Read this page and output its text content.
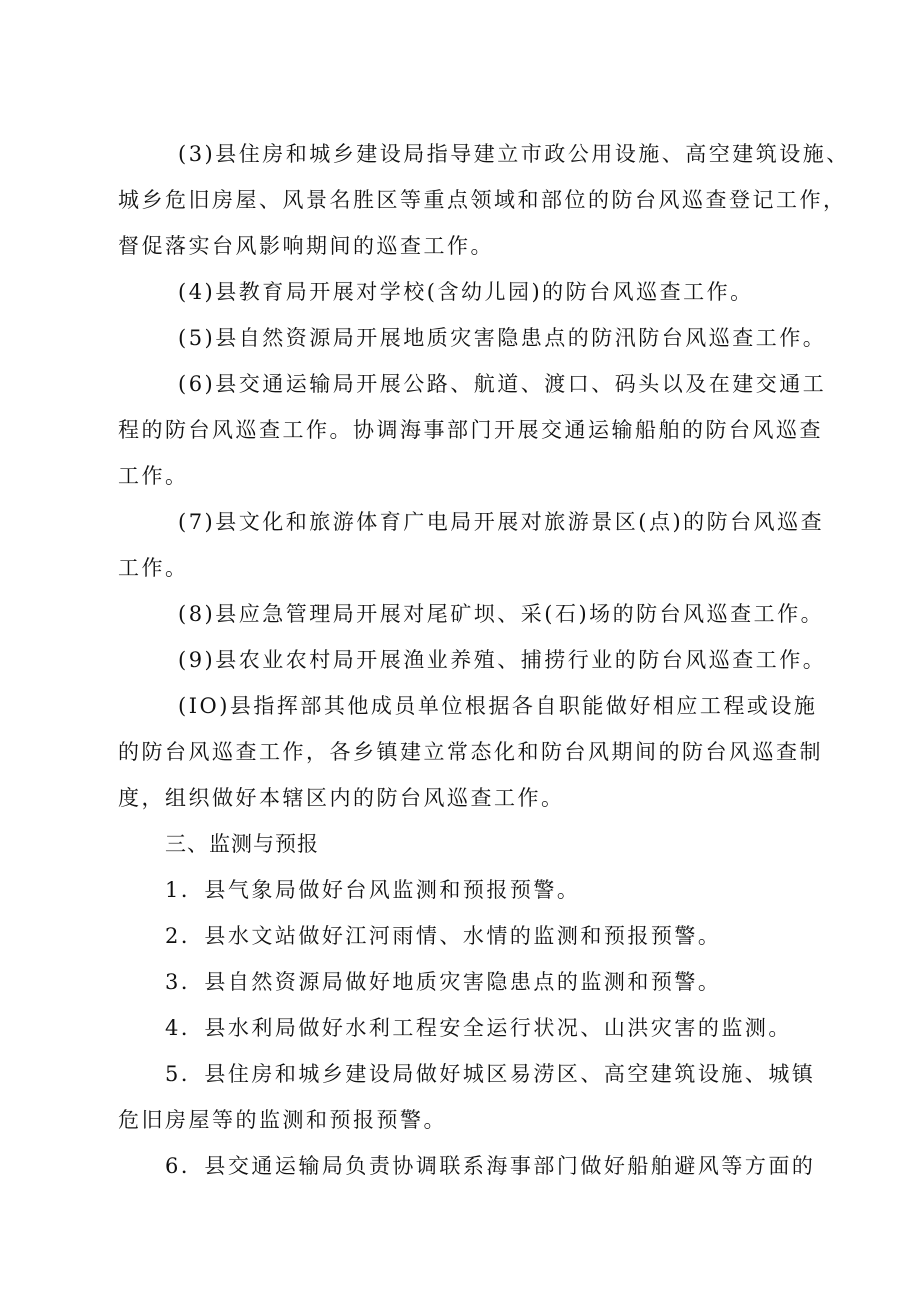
(3)县住房和城乡建设局指导建立市政公用设施、高空建筑设施、
城乡危旧房屋、风景名胜区等重点领域和部位的防台风巡查登记工作，
督促落实台风影响期间的巡查工作。
(4)县教育局开展对学校(含幼儿园)的防台风巡查工作。
(5)县自然资源局开展地质灾害隐患点的防汛防台风巡查工作。
(6)县交通运输局开展公路、航道、渡口、码头以及在建交通工
程的防台风巡查工作。协调海事部门开展交通运输船舶的防台风巡查
工作。
(7)县文化和旅游体育广电局开展对旅游景区(点)的防台风巡查
工作。
(8)县应急管理局开展对尾矿坝、采(石)场的防台风巡查工作。
(9)县农业农村局开展渔业养殖、捕捞行业的防台风巡查工作。
(IO)县指挥部其他成员单位根据各自职能做好相应工程或设施
的防台风巡查工作，各乡镇建立常态化和防台风期间的防台风巡查制
度，组织做好本辖区内的防台风巡查工作。
三、监测与预报
1．县气象局做好台风监测和预报预警。
2．县水文站做好江河雨情、水情的监测和预报预警。
3．县自然资源局做好地质灾害隐患点的监测和预警。
4．县水利局做好水利工程安全运行状况、山洪灾害的监测。
5．县住房和城乡建设局做好城区易涝区、高空建筑设施、城镇
危旧房屋等的监测和预报预警。
6．县交通运输局负责协调联系海事部门做好船舶避风等方面的
